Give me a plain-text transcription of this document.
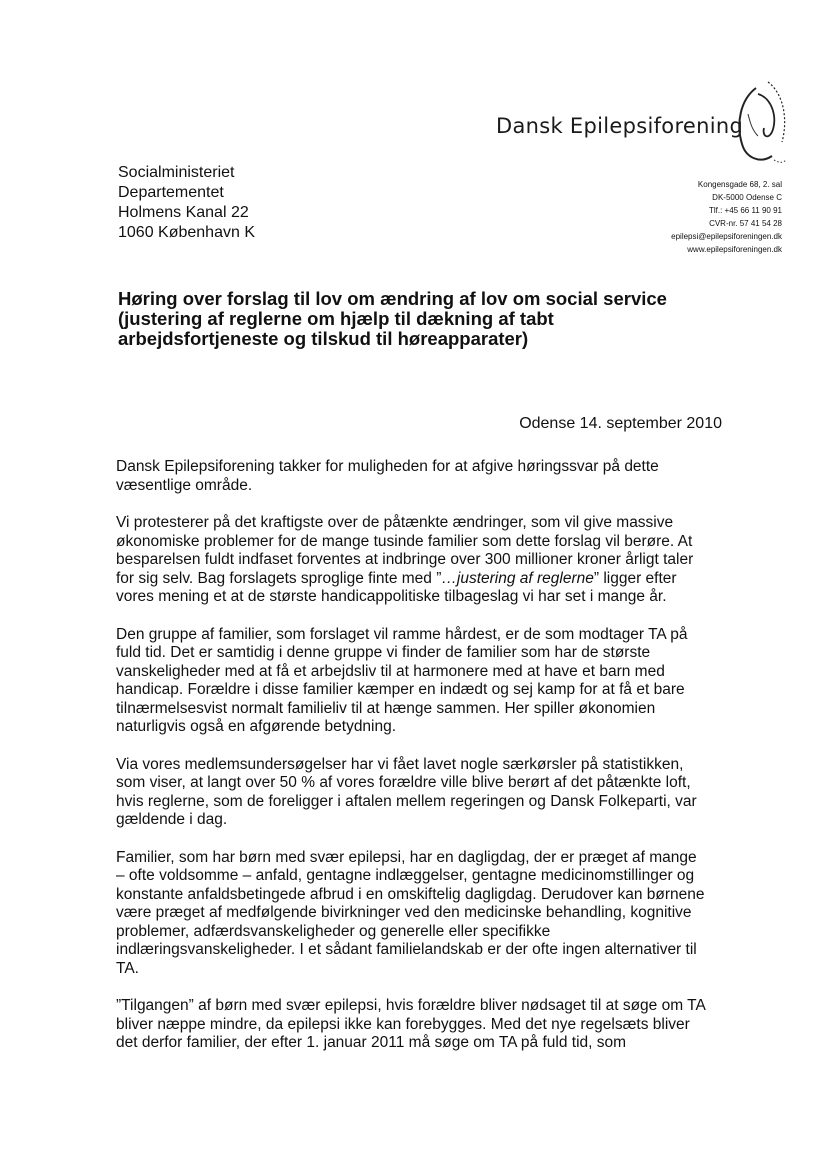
Dansk Epilepsiforening
Socialministeriet
Departementet
Holmens Kanal 22
1060 København K
Kongensgade 68, 2. sal
DK-5000 Odense C
Tlf.: +45 66 11 90 91
CVR-nr. 57 41 54 28
epilepsi@epilepsiforeningen.dk
www.epilepsiforeningen.dk
Høring over forslag til lov om ændring af lov om social service (justering af reglerne om hjælp til dækning af tabt arbejdsfortjeneste og tilskud til høreapparater)
Odense 14. september 2010

Dansk Epilepsiforening takker for muligheden for at afgive høringssvar på dette væsentlige område.

Vi protesterer på det kraftigste over de påtænkte ændringer, som vil give massive økonomiske problemer for de mange tusinde familier som dette forslag vil berøre. At besparelsen fuldt indfaset forventes at indbringe over 300 millioner kroner årligt taler for sig selv. Bag forslagets sproglige finte med ”…justering af reglerne” ligger efter vores mening et at de største handicappolitiske tilbageslag vi har set i mange år.

Den gruppe af familier, som forslaget vil ramme hårdest, er de som modtager TA på fuld tid. Det er samtidig i denne gruppe vi finder de familier som har de største vanskeligheder med at få et arbejdsliv til at harmonere med at have et barn med handicap. Forældre i disse familier kæmper en indædt og sej kamp for at få et bare tilnærmelsesvist normalt familieliv til at hænge sammen. Her spiller økonomien naturligvis også en afgørende betydning.

Via vores medlemsundersøgelser har vi fået lavet nogle særkørsler på statistikken, som viser, at langt over 50 % af vores forældre ville blive berørt af det påtænkte loft, hvis reglerne, som de foreligger i aftalen mellem regeringen og Dansk Folkeparti, var gældende i dag.

Familier, som har børn med svær epilepsi, har en dagligdag, der er præget af mange – ofte voldsomme – anfald, gentagne indlæggelser, gentagne medicinomstillinger og konstante anfaldsbetingede afbrud i en omskiftelig dagligdag. Derudover kan børnene være præget af medfølgende bivirkninger ved den medicinske behandling, kognitive problemer, adfærdsvanskeligheder og generelle eller specifikke indlæringsvanskeligheder. I et sådant familielandskab er der ofte ingen alternativer til TA.

”Tilgangen” af børn med svær epilepsi, hvis forældre bliver nødsaget til at søge om TA bliver næppe mindre, da epilepsi ikke kan forebygges. Med det nye regelsæts bliver det derfor familier, der efter 1. januar 2011 må søge om TA på fuld tid, som
